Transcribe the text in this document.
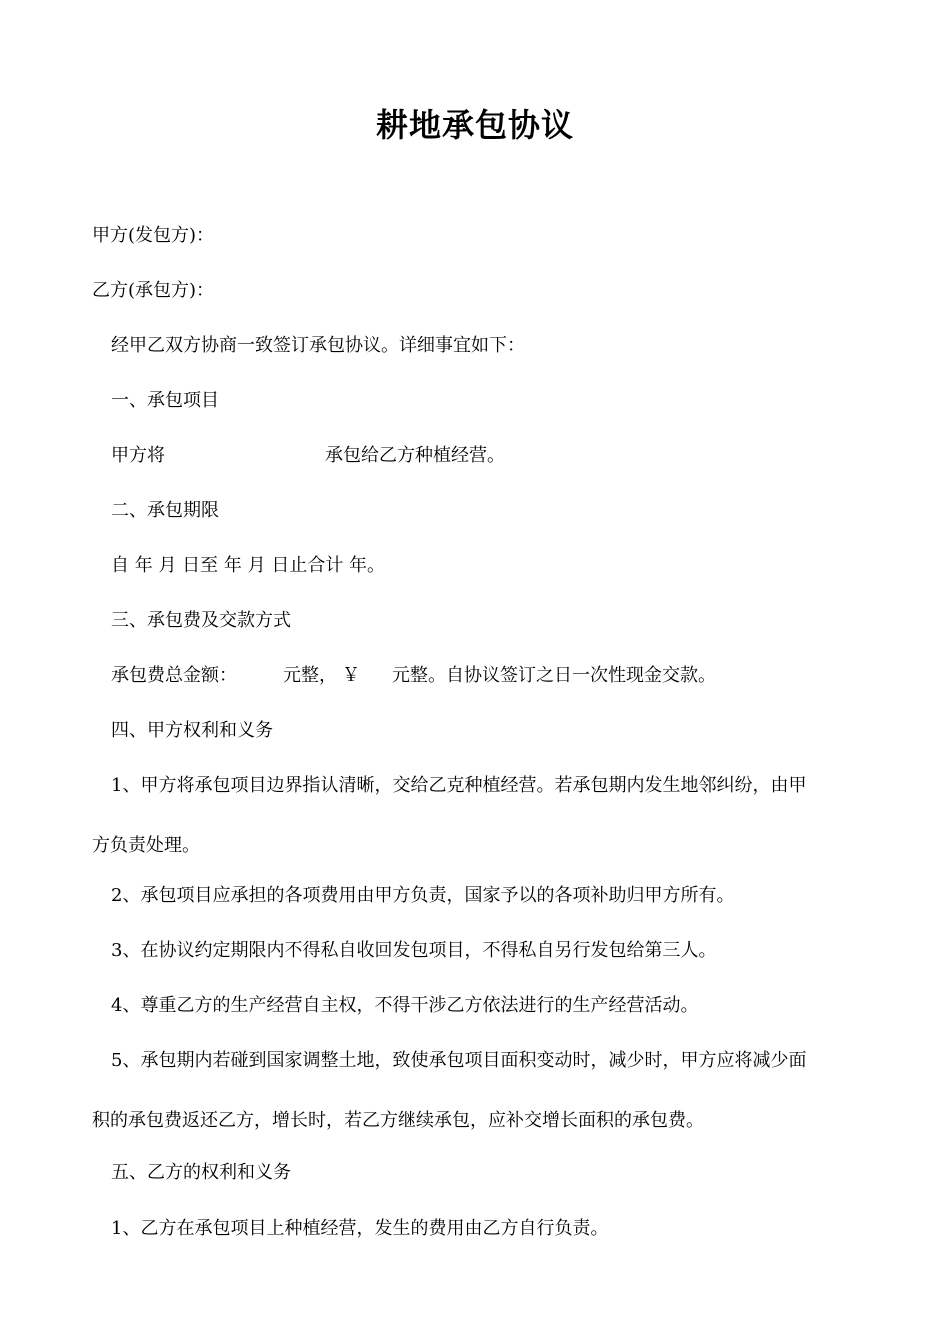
耕地承包协议

甲方(发包方)：

乙方(承包方)：

经甲乙双方协商一致签订承包协议。详细事宜如下：

一、承包项目

甲方将	承包给乙方种植经营。

二、承包期限

自 年 月 日至 年 月 日止合计 年。

三、承包费及交款方式

承包费总金额：	元整， ￥ 元整。自协议签订之日一次性现金交款。

四、甲方权利和义务

1、甲方将承包项目边界指认清晰，交给乙克种植经营。若承包期内发生地邻纠纷，由甲

方负责处理。

2、承包项目应承担的各项费用由甲方负责，国家予以的各项补助归甲方所有。

3、在协议约定期限内不得私自收回发包项目，不得私自另行发包给第三人。

4、尊重乙方的生产经营自主权，不得干涉乙方依法进行的生产经营活动。

5、承包期内若碰到国家调整土地，致使承包项目面积变动时，减少时，甲方应将减少面

积的承包费返还乙方，增长时，若乙方继续承包，应补交增长面积的承包费。

五、乙方的权利和义务

1、乙方在承包项目上种植经营，发生的费用由乙方自行负责。
